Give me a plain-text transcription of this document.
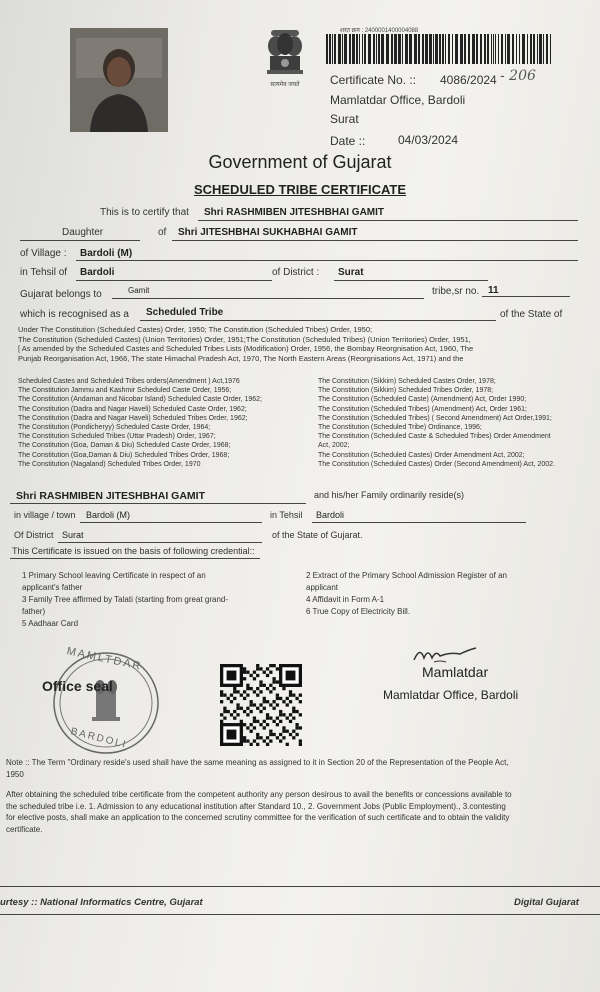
सत्यमेव जयते
शरत क्रम : 2400001400004088
Certificate No. :: 4086/2024 - 206
Mamlatdar Office, Bardoli
Surat
Date ::	04/03/2024
Government of Gujarat
SCHEDULED TRIBE CERTIFICATE
This is to certify that Shri RASHMIBEN JITESHBHAI GAMIT
Daughter	of Shri JITESHBHAI SUKHABHAI GAMIT
of Village : Bardoli (M)
in Tehsil of Bardoli	of District : Surat
Gujarat belongs to	Gamit	tribe,sr no. 11
which is recognised as a Scheduled Tribe	of the State of
Under The Constitution (Scheduled Castes) Order, 1950; The Constitution (Scheduled Tribes) Order, 1950;
The Constitution (Scheduled Castes) (Union Territories) Order, 1951;The Constitution (Scheduled Tribes) (Union Territories) Order, 1951,
[ As amended by the Scheduled Castes and Scheduled Tribes Lists (Modification) Order, 1956, the Bombay Reorgnisation Act, 1960, The
Punjab Reorganisation Act, 1966, The state Himachal Pradesh Act, 1970, The North Eastern Areas (Reorgnisations Act, 1971) and the
Scheduled Castes and Scheduled Tribes orders(Amendment ) Act,1976
The Constitution Jammu and Kashmir Scheduled Caste Order, 1956;
The Constitution (Andaman and Nicobar Island) Scheduled Caste Order, 1962;
The Constitution (Dadra and Nagar Haveli) Scheduled Caste Order, 1962;
The Constitution (Dadra and Nagar Haveli) Scheduled Tribes Order, 1962;
The Constitution (Pondicheryy) Scheduled Caste Order, 1964;
The Constitution Scheduled Tribes (Uttar Pradesh) Order, 1967;
The Constitution (Goa, Daman & Diu) Scheduled Caste Order, 1968;
The Constitution (Goa,Daman & Diu) Scheduled Tribes Order, 1968;
The Constitution (Nagaland) Scheduled Tribes Order, 1970
The Constitution (Sikkim) Scheduled Castes Order, 1978;
The Constitution (Sikkim) Scheduled Tribes Order, 1978;
The Constitution (Scheduled Caste) (Amendment) Act, Order 1990;
The Constitution (Scheduled Tribes) (Amendment) Act, Order 1961;
The Constitution (Scheduled Tribes) ( Second Amendment) Act Order,1991;
The Constitution (Scheduled Tribe) Ordinance, 1996;
The Constitution (Scheduled Caste & Scheduled Tribes) Order Amendment
Act, 2002;
The Constitution (Scheduled Castes) Order Amendment Act, 2002;
The Constitution (Scheduled Castes) Order (Second Amendment) Act, 2002.
Shri RASHMIBEN JITESHBHAI GAMIT	and his/her Family ordinarily reside(s)
in village / town Bardoli (M)	in Tehsil Bardoli
Of District Surat	of the State of Gujarat.
This Certificate is issued on the basis of following credential::
1 Primary School leaving Certificate in respect of an
applicant's father
3 Family Tree affirmed by Talati (starting from great grand-
father)
5 Aadhaar Card
2 Extract of the Primary School Admission Register of an
applicant
4 Affidavit in Form A-1
6 True Copy of Electricity Bill.
MAMLTDAR
BARDOLI
Office seal
Mamlatdar
Mamlatdar Office, Bardoli
Note :: The Term "Ordinary reside's used shall have the same meaning as assigned to it in Section 20 of the Representation of the People Act,
1950
After obtaining the scheduled tribe certificate from the competent authority any person desirous to avail the benefits or concessions available to
the scheduled tribe i.e. 1. Admission to any educational institution after Standard 10., 2. Government Jobs (Public Employment)., 3.contesting
for elective posts, shall make an application to the concerned scrutiny committee for the verification of such certificate and to obtain the validity
certificate.
urtesy :: National Informatics Centre, Gujarat	Digital Gujarat
